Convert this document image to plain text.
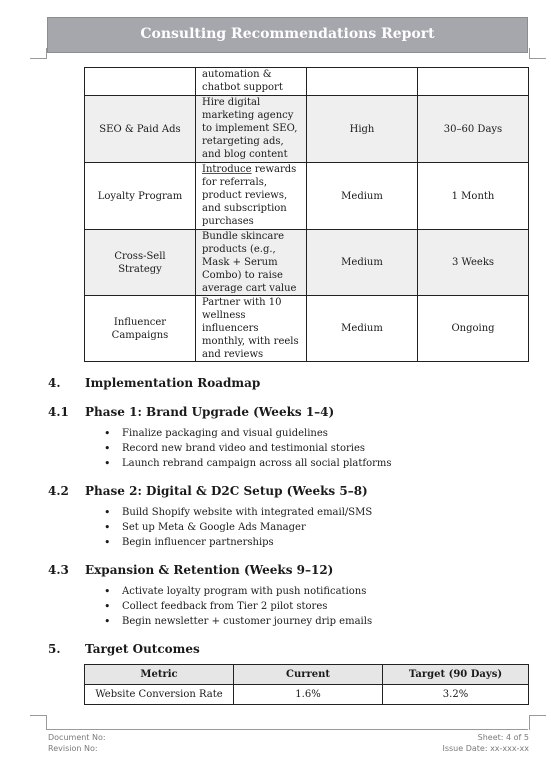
Consulting Recommendations Report
	automation & chatbot support		
SEO & Paid Ads	Hire digital marketing agency to implement SEO, retargeting ads, and blog content	High	30–60 Days
Loyalty Program	Introduce rewards for referrals, product reviews, and subscription purchases	Medium	1 Month
Cross-Sell Strategy	Bundle skincare products (e.g., Mask + Serum Combo) to raise average cart value	Medium	3 Weeks
Influencer Campaigns	Partner with 10 wellness influencers monthly, with reels and reviews	Medium	Ongoing
4. Implementation Roadmap
4.1 Phase 1: Brand Upgrade (Weeks 1–4)
• Finalize packaging and visual guidelines
• Record new brand video and testimonial stories
• Launch rebrand campaign across all social platforms
4.2 Phase 2: Digital & D2C Setup (Weeks 5–8)
• Build Shopify website with integrated email/SMS
• Set up Meta & Google Ads Manager
• Begin influencer partnerships
4.3 Expansion & Retention (Weeks 9–12)
• Activate loyalty program with push notifications
• Collect feedback from Tier 2 pilot stores
• Begin newsletter + customer journey drip emails
5. Target Outcomes
Metric	Current	Target (90 Days)
Website Conversion Rate	1.6%	3.2%
Document No:
Revision No:
Sheet: 4 of 5
Issue Date: xx-xxx-xx
